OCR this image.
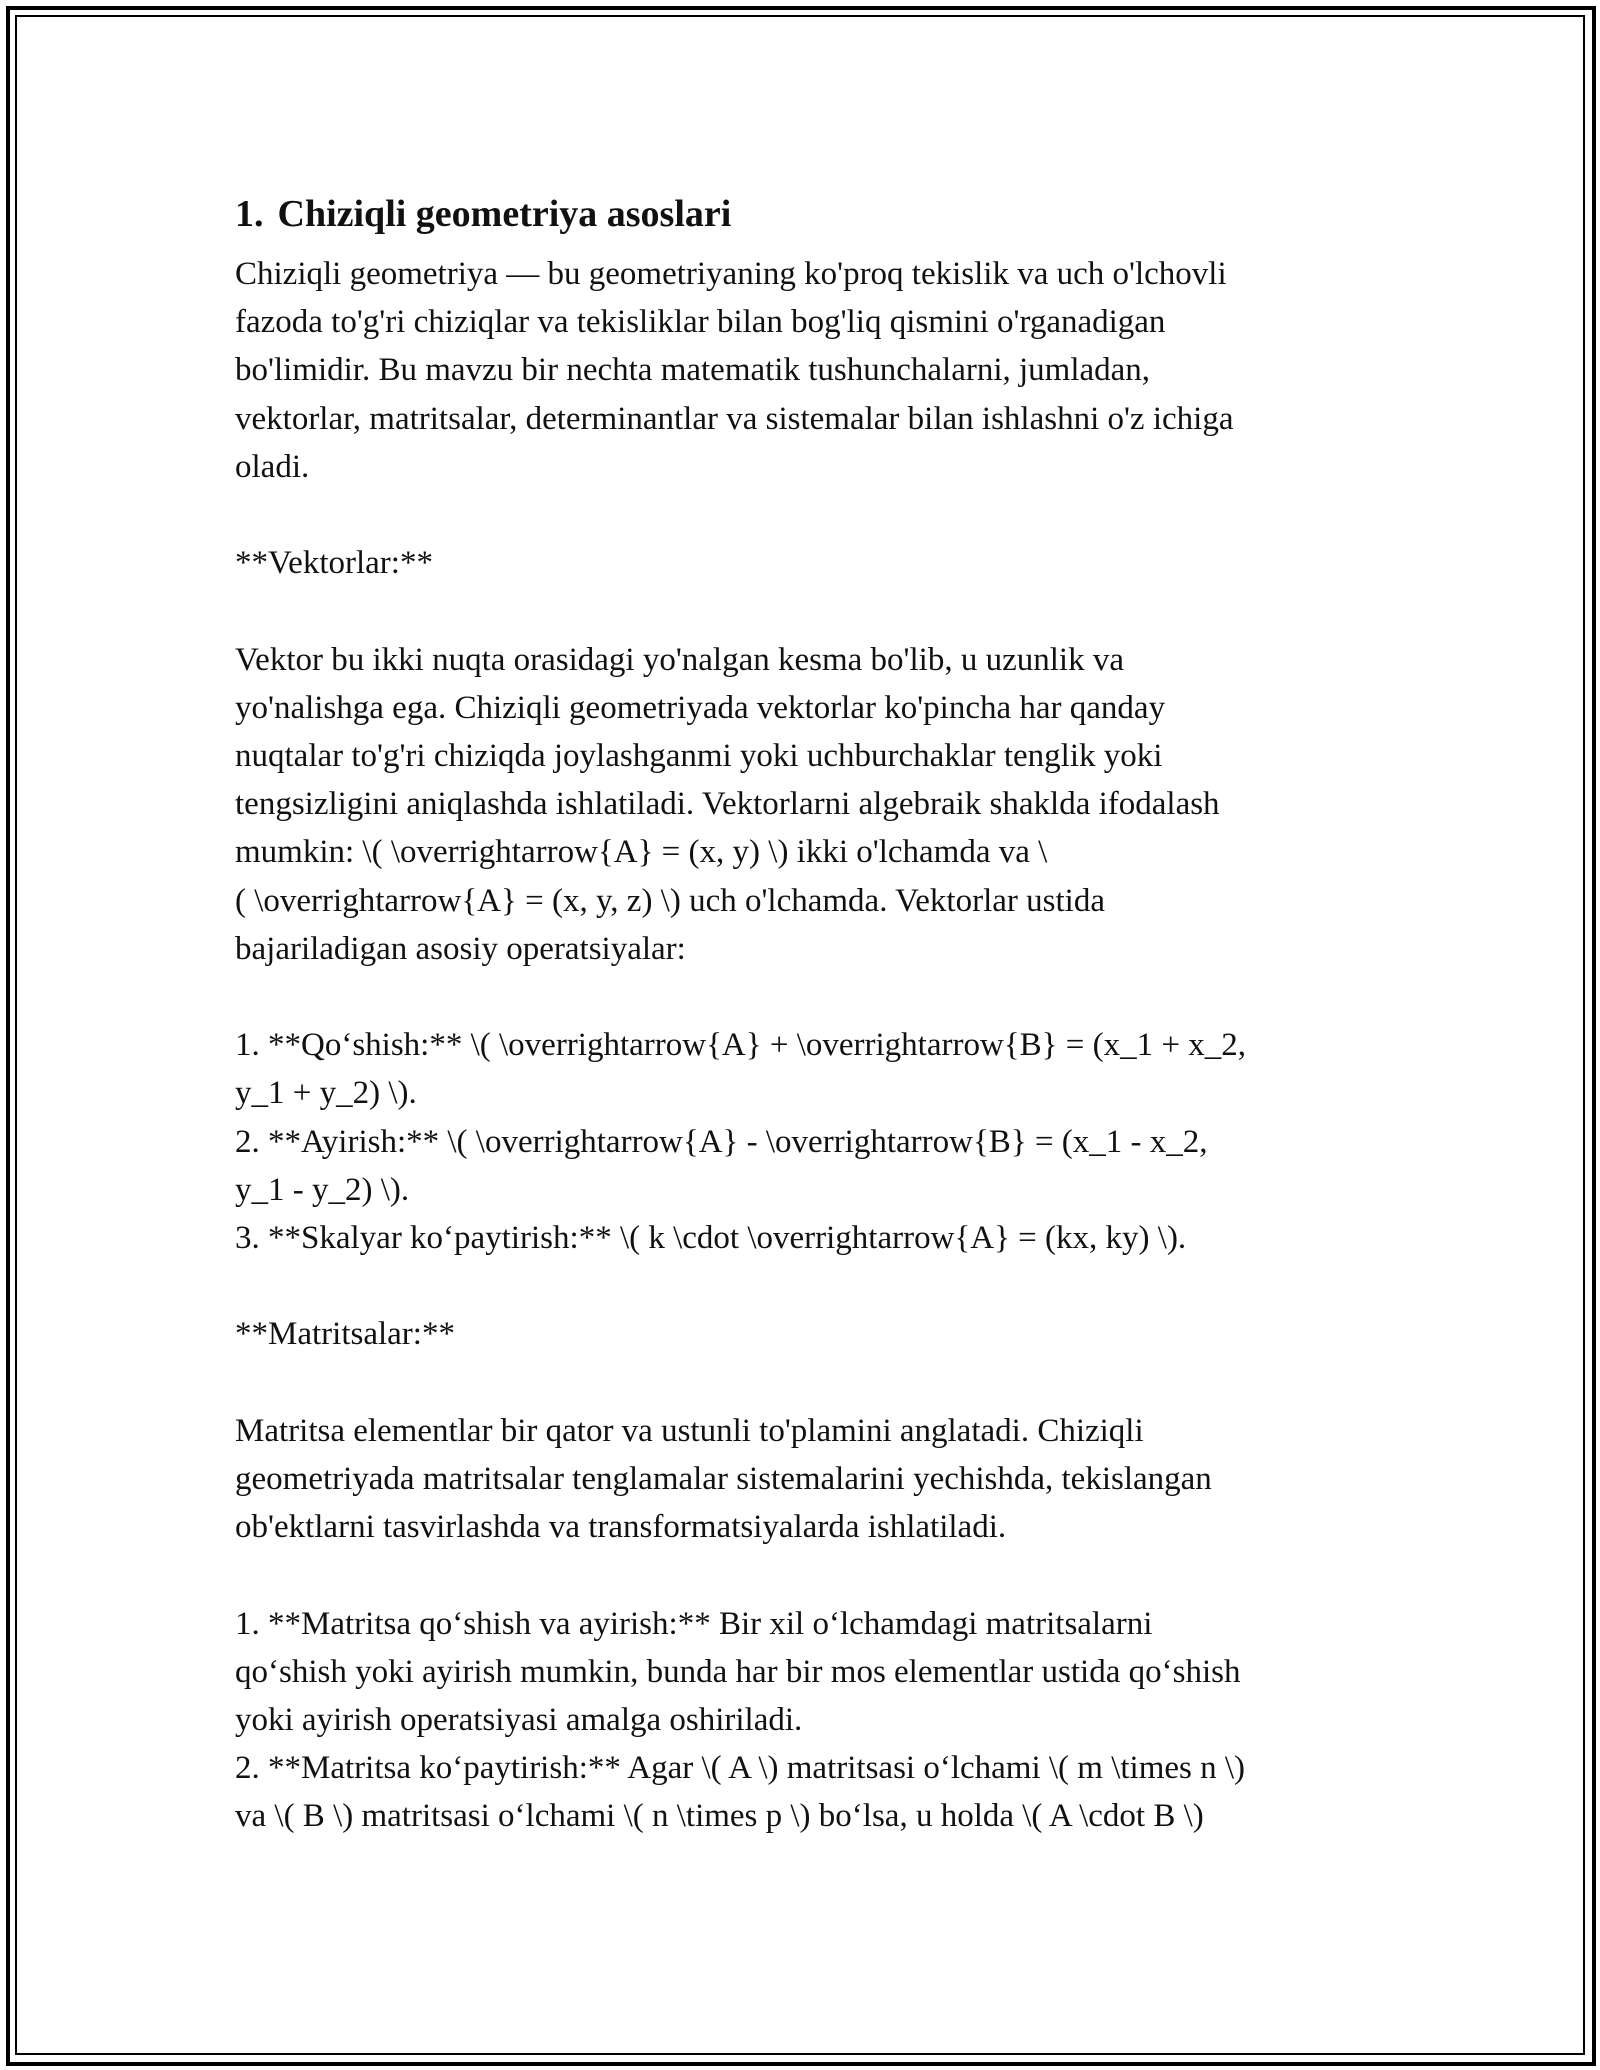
1. Chiziqli geometriya asoslari
Chiziqli geometriya — bu geometriyaning ko'proq tekislik va uch o'lchovli
fazoda to'g'ri chiziqlar va tekisliklar bilan bog'liq qismini o'rganadigan
bo'limidir. Bu mavzu bir nechta matematik tushunchalarni, jumladan,
vektorlar, matritsalar, determinantlar va sistemalar bilan ishlashni o'z ichiga
oladi.
**Vektorlar:**
Vektor bu ikki nuqta orasidagi yo'nalgan kesma bo'lib, u uzunlik va
yo'nalishga ega. Chiziqli geometriyada vektorlar ko'pincha har qanday
nuqtalar to'g'ri chiziqda joylashganmi yoki uchburchaklar tenglik yoki
tengsizligini aniqlashda ishlatiladi. Vektorlarni algebraik shaklda ifodalash
mumkin: \( \overrightarrow{A} = (x, y) \) ikki o'lchamda va \
( \overrightarrow{A} = (x, y, z) \) uch o'lchamda. Vektorlar ustida
bajariladigan asosiy operatsiyalar:
1. **Qo‘shish:** \( \overrightarrow{A} + \overrightarrow{B} = (x_1 + x_2,
y_1 + y_2) \).
2. **Ayirish:** \( \overrightarrow{A} - \overrightarrow{B} = (x_1 - x_2,
y_1 - y_2) \).
3. **Skalyar ko‘paytirish:** \( k \cdot \overrightarrow{A} = (kx, ky) \).
**Matritsalar:**
Matritsa elementlar bir qator va ustunli to'plamini anglatadi. Chiziqli
geometriyada matritsalar tenglamalar sistemalarini yechishda, tekislangan
ob'ektlarni tasvirlashda va transformatsiyalarda ishlatiladi.
1. **Matritsa qo‘shish va ayirish:** Bir xil o‘lchamdagi matritsalarni
qo‘shish yoki ayirish mumkin, bunda har bir mos elementlar ustida qo‘shish
yoki ayirish operatsiyasi amalga oshiriladi.
2. **Matritsa ko‘paytirish:** Agar \( A \) matritsasi o‘lchami \( m \times n \)
va \( B \) matritsasi o‘lchami \( n \times p \) bo‘lsa, u holda \( A \cdot B \)
